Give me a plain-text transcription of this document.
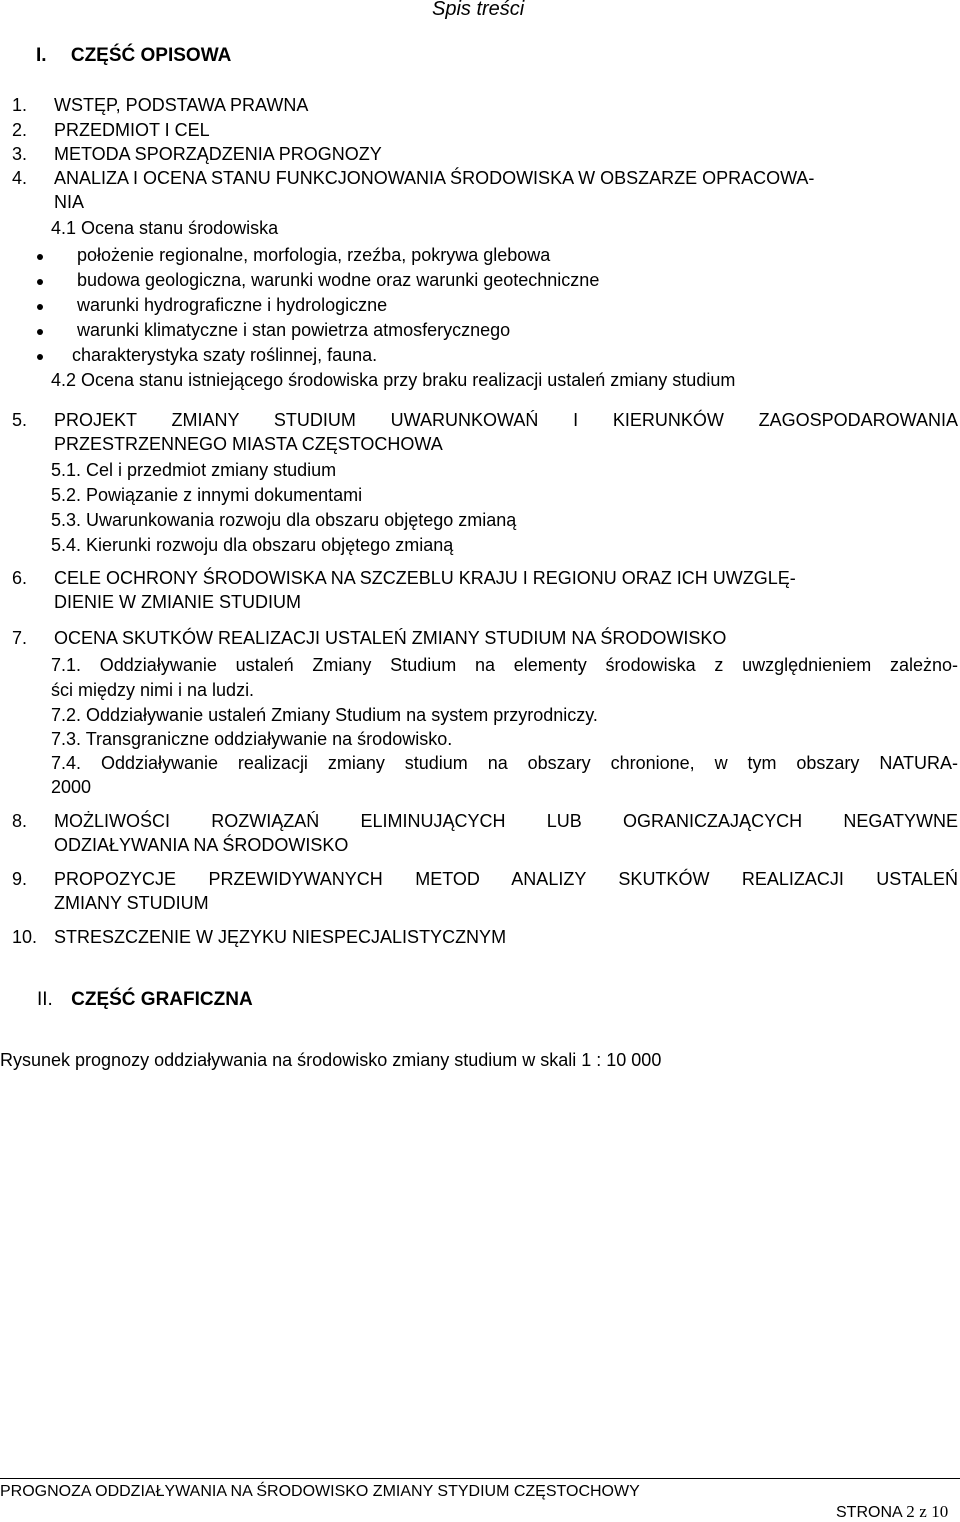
Spis treści
I. CZĘŚĆ OPISOWA
1. WSTĘP, PODSTAWA PRAWNA
2. PRZEDMIOT I CEL
3. METODA SPORZĄDZENIA PROGNOZY
4. ANALIZA I OCENA STANU FUNKCJONOWANIA ŚRODOWISKA W OBSZARZE OPRACOWA-
NIA
4.1 Ocena stanu środowiska
położenie regionalne, morfologia, rzeźba, pokrywa glebowa
budowa geologiczna, warunki wodne oraz warunki geotechniczne
warunki hydrograficzne i hydrologiczne
warunki klimatyczne i stan powietrza atmosferycznego
charakterystyka szaty roślinnej, fauna.
4.2 Ocena stanu istniejącego środowiska przy braku realizacji ustaleń zmiany studium
5. PROJEKT ZMIANY STUDIUM UWARUNKOWAŃ I KIERUNKÓW ZAGOSPODAROWANIA
PRZESTRZENNEGO MIASTA CZĘSTOCHOWA
5.1. Cel i przedmiot zmiany studium
5.2. Powiązanie z innymi dokumentami
5.3. Uwarunkowania rozwoju dla obszaru objętego zmianą
5.4. Kierunki rozwoju dla obszaru objętego zmianą
6. CELE OCHRONY ŚRODOWISKA NA SZCZEBLU KRAJU I REGIONU ORAZ ICH UWZGLĘ-
DIENIE W ZMIANIE STUDIUM
7. OCENA SKUTKÓW REALIZACJI USTALEŃ ZMIANY STUDIUM NA ŚRODOWISKO
7.1. Oddziaływanie ustaleń Zmiany Studium na elementy środowiska z uwzględnieniem zależno-
ści między nimi i na ludzi.
7.2. Oddziaływanie ustaleń Zmiany Studium na system przyrodniczy.
7.3. Transgraniczne oddziaływanie na środowisko.
7.4. Oddziaływanie realizacji zmiany studium na obszary chronione, w tym obszary NATURA-
2000
8. MOŻLIWOŚCI ROZWIĄZAŃ ELIMINUJĄCYCH LUB OGRANICZAJĄCYCH NEGATYWNE
ODZIAŁYWANIA NA ŚRODOWISKO
9. PROPOZYCJE PRZEWIDYWANYCH METOD ANALIZY SKUTKÓW REALIZACJI USTALEŃ
ZMIANY STUDIUM
10. STRESZCZENIE W JĘZYKU NIESPECJALISTYCZNYM
II. CZĘŚĆ GRAFICZNA
Rysunek prognozy oddziaływania na środowisko zmiany studium w skali 1 : 10 000
PROGNOZA ODDZIAŁYWANIA NA ŚRODOWISKO ZMIANY STYDIUM CZĘSTOCHOWY
STRONA 2 z 10
